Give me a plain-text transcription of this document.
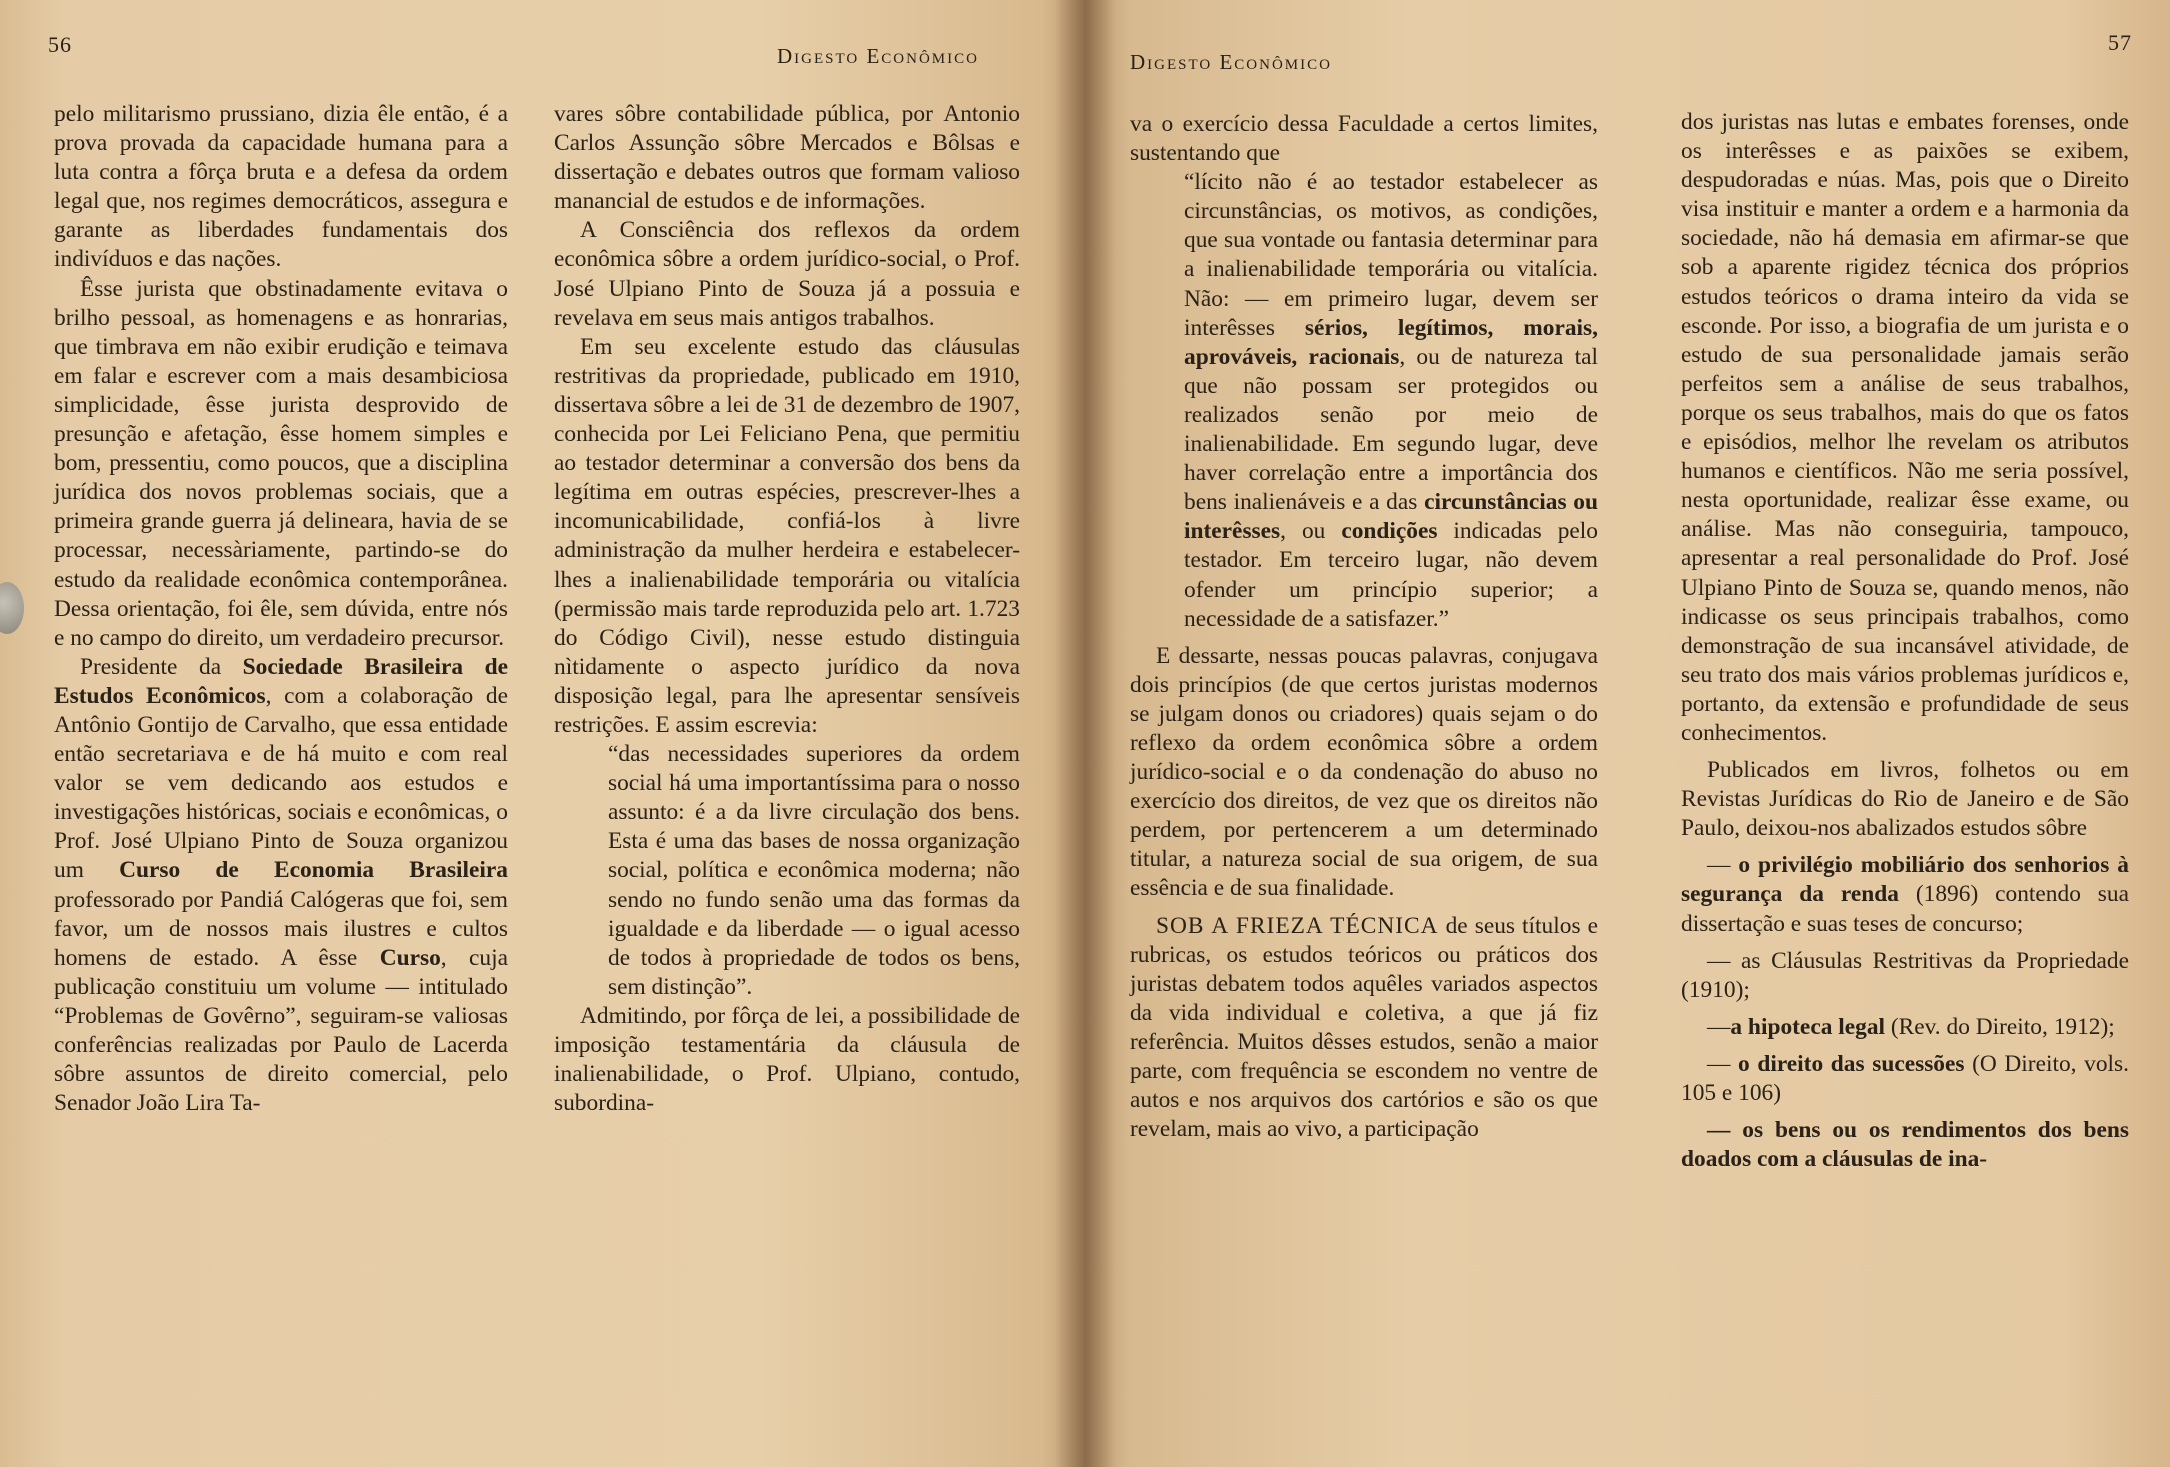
56	Digesto Econômico

pelo militarismo prussiano, dizia êle então, é a prova provada da capacidade humana para a luta contra a fôrça bruta e a defesa da ordem legal que, nos regimes democráticos, assegura e garante as liberdades fundamentais dos indivíduos e das nações.

Êsse jurista que obstinadamente evitava o brilho pessoal, as homenagens e as honrarias, que timbrava em não exibir erudição e teimava em falar e escrever com a mais desambiciosa simplicidade, êsse jurista desprovido de presunção e afetação, êsse homem simples e bom, pressentiu, como poucos, que a disciplina jurídica dos novos problemas sociais, que a primeira grande guerra já delineara, havia de se processar, necessàriamente, partindo-se do estudo da realidade econômica contemporânea. Dessa orientação, foi êle, sem dúvida, entre nós e no campo do direito, um verdadeiro precursor.

Presidente da Sociedade Brasileira de Estudos Econômicos, com a colaboração de Antônio Gontijo de Carvalho, que essa entidade então secretariava e de há muito e com real valor se vem dedicando aos estudos e investigações históricas, sociais e econômicas, o Prof. José Ulpiano Pinto de Souza organizou um Curso de Economia Brasileira professorado por Pandiá Calógeras que foi, sem favor, um de nossos mais ilustres e cultos homens de estado. A êsse Curso, cuja publicação constituiu um volume — intitulado “Problemas de Govêrno”, seguiram-se valiosas conferências realizadas por Paulo de Lacerda sôbre assuntos de direito comercial, pelo Senador João Lira Ta-

vares sôbre contabilidade pública, por Antonio Carlos Assunção sôbre Mercados e Bôlsas e dissertação e debates outros que formam valioso manancial de estudos e de informações.

A Consciência dos reflexos da ordem econômica sôbre a ordem jurídico-social, o Prof. José Ulpiano Pinto de Souza já a possuia e revelava em seus mais antigos trabalhos.

Em seu excelente estudo das cláusulas restritivas da propriedade, publicado em 1910, dissertava sôbre a lei de 31 de dezembro de 1907, conhecida por Lei Feliciano Pena, que permitiu ao testador determinar a conversão dos bens da legítima em outras espécies, prescrever-lhes a incomunicabilidade, confiá-los à livre administração da mulher herdeira e estabelecer-lhes a inalienabilidade temporária ou vitalícia (permissão mais tarde reproduzida pelo art. 1.723 do Código Civil), nesse estudo distinguia nìtidamente o aspecto jurídico da nova disposição legal, para lhe apresentar sensíveis restrições. E assim escrevia:

“das necessidades superiores da ordem social há uma importantíssima para o nosso assunto: é a da livre circulação dos bens. Esta é uma das bases de nossa organização social, política e econômica moderna; não sendo no fundo senão uma das formas da igualdade e da liberdade — o igual acesso de todos à propriedade de todos os bens, sem distinção”.

Admitindo, por fôrça de lei, a possibilidade de imposição testamentária da cláusula de inalienabilidade, o Prof. Ulpiano, contudo, subordina-

Digesto Econômico
57

va o exercício dessa Faculdade a certos limites, sustentando que

“lícito não é ao testador estabelecer as circunstâncias, os motivos, as condições, que sua vontade ou fantasia determinar para a inalienabilidade temporária ou vitalícia. Não: — em primeiro lugar, devem ser interêsses sérios, legítimos, morais, aprováveis, racionais, ou de natureza tal que não possam ser protegidos ou realizados senão por meio de inalienabilidade. Em segundo lugar, deve haver correlação entre a importância dos bens inalienáveis e a das circunstâncias ou interêsses, ou condições indicadas pelo testador. Em terceiro lugar, não devem ofender um princípio superior; a necessidade de a satisfazer.”

E dessarte, nessas poucas palavras, conjugava dois princípios (de que certos juristas modernos se julgam donos ou criadores) quais sejam o do reflexo da ordem econômica sôbre a ordem jurídico-social e o da condenação do abuso no exercício dos direitos, de vez que os direitos não perdem, por pertencerem a um determinado titular, a natureza social de sua origem, de sua essência e de sua finalidade.

SOB A FRIEZA TÉCNICA de seus títulos e rubricas, os estudos teóricos ou práticos dos juristas debatem todos aquêles variados aspectos da vida individual e coletiva, a que já fiz referência. Muitos dêsses estudos, senão a maior parte, com frequência se escondem no ventre de autos e nos arquivos dos cartórios e são os que revelam, mais ao vivo, a participação

dos juristas nas lutas e embates forenses, onde os interêsses e as paixões se exibem, despudoradas e núas. Mas, pois que o Direito visa instituir e manter a ordem e a harmonia da sociedade, não há demasia em afirmar-se que sob a aparente rigidez técnica dos próprios estudos teóricos o drama inteiro da vida se esconde. Por isso, a biografia de um jurista e o estudo de sua personalidade jamais serão perfeitos sem a análise de seus trabalhos, porque os seus trabalhos, mais do que os fatos e episódios, melhor lhe revelam os atributos humanos e científicos. Não me seria possível, nesta oportunidade, realizar êsse exame, ou análise. Mas não conseguiria, tampouco, apresentar a real personalidade do Prof. José Ulpiano Pinto de Souza se, quando menos, não indicasse os seus principais trabalhos, como demonstração de sua incansável atividade, de seu trato dos mais vários problemas jurídicos e, portanto, da extensão e profundidade de seus conhecimentos.

Publicados em livros, folhetos ou em Revistas Jurídicas do Rio de Janeiro e de São Paulo, deixou-nos abalizados estudos sôbre

— o privilégio mobiliário dos senhorios à segurança da renda (1896) contendo sua dissertação e suas teses de concurso;

— as Cláusulas Restritivas da Propriedade (1910);

—a hipoteca legal (Rev. do Direito, 1912);

— o direito das sucessões (O Direito, vols. 105 e 106)

— os bens ou os rendimentos dos bens doados com a cláusulas de ina-
